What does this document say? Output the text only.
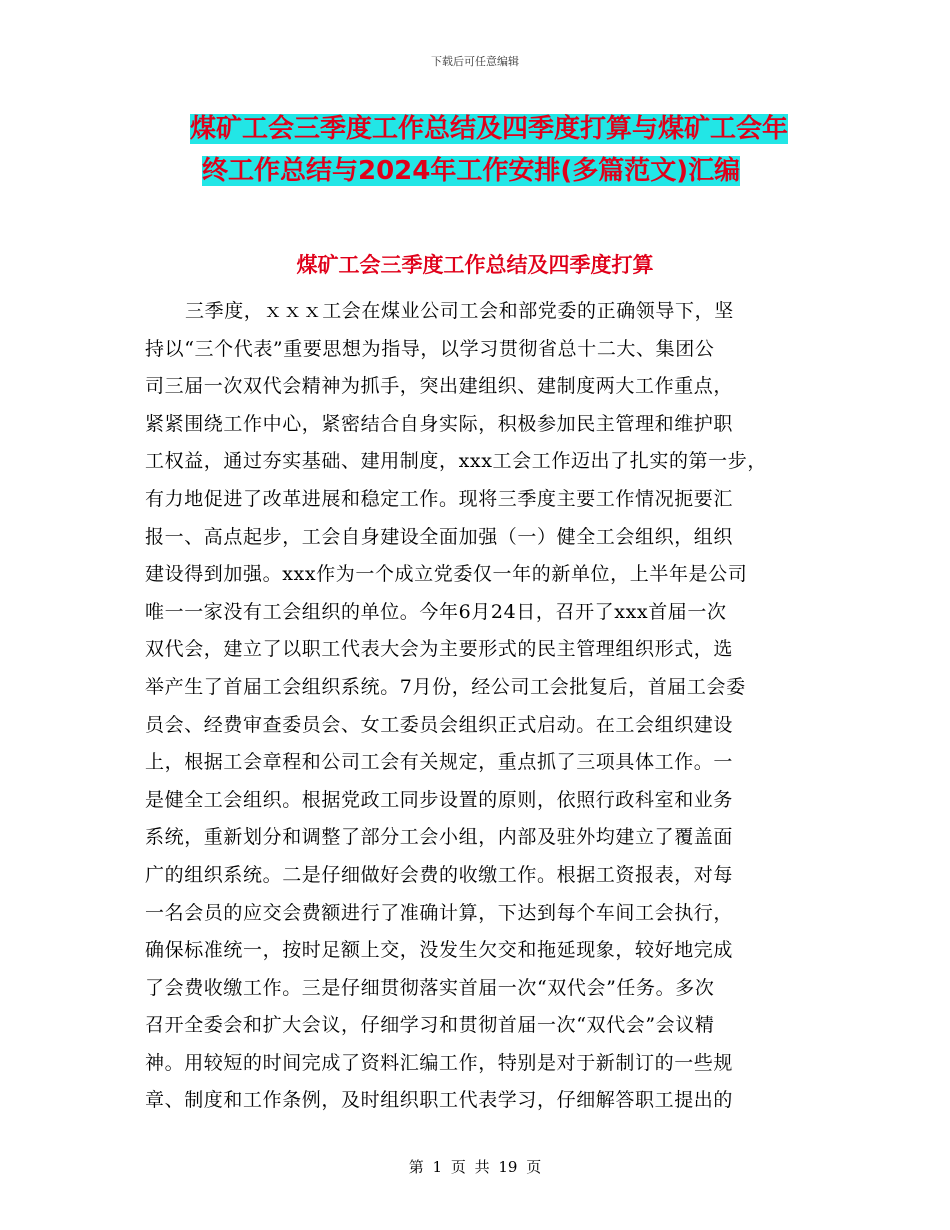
下载后可任意编辑
煤矿工会三季度工作总结及四季度打算与煤矿工会年
终工作总结与2024年工作安排(多篇范文)汇编
煤矿工会三季度工作总结及四季度打算
三季度，ｘｘｘ工会在煤业公司工会和部党委的正确领导下，坚
持以“三个代表”重要思想为指导，以学习贯彻省总十二大、集团公
司三届一次双代会精神为抓手，突出建组织、建制度两大工作重点，
紧紧围绕工作中心，紧密结合自身实际，积极参加民主管理和维护职
工权益，通过夯实基础、建用制度，xxx工会工作迈出了扎实的第一步，
有力地促进了改革进展和稳定工作。现将三季度主要工作情况扼要汇
报一、高点起步，工会自身建设全面加强（一）健全工会组织，组织
建设得到加强。xxx作为一个成立党委仅一年的新单位，上半年是公司
唯一一家没有工会组织的单位。今年6月24日，召开了xxx首届一次
双代会，建立了以职工代表大会为主要形式的民主管理组织形式，选
举产生了首届工会组织系统。7月份，经公司工会批复后，首届工会委
员会、经费审查委员会、女工委员会组织正式启动。在工会组织建设
上，根据工会章程和公司工会有关规定，重点抓了三项具体工作。一
是健全工会组织。根据党政工同步设置的原则，依照行政科室和业务
系统，重新划分和调整了部分工会小组，内部及驻外均建立了覆盖面
广的组织系统。二是仔细做好会费的收缴工作。根据工资报表，对每
一名会员的应交会费额进行了准确计算，下达到每个车间工会执行，
确保标准统一，按时足额上交，没发生欠交和拖延现象，较好地完成
了会费收缴工作。三是仔细贯彻落实首届一次“双代会”任务。多次
召开全委会和扩大会议，仔细学习和贯彻首届一次“双代会”会议精
神。用较短的时间完成了资料汇编工作，特别是对于新制订的一些规
章、制度和工作条例，及时组织职工代表学习，仔细解答职工提出的
第 1 页 共 19 页
